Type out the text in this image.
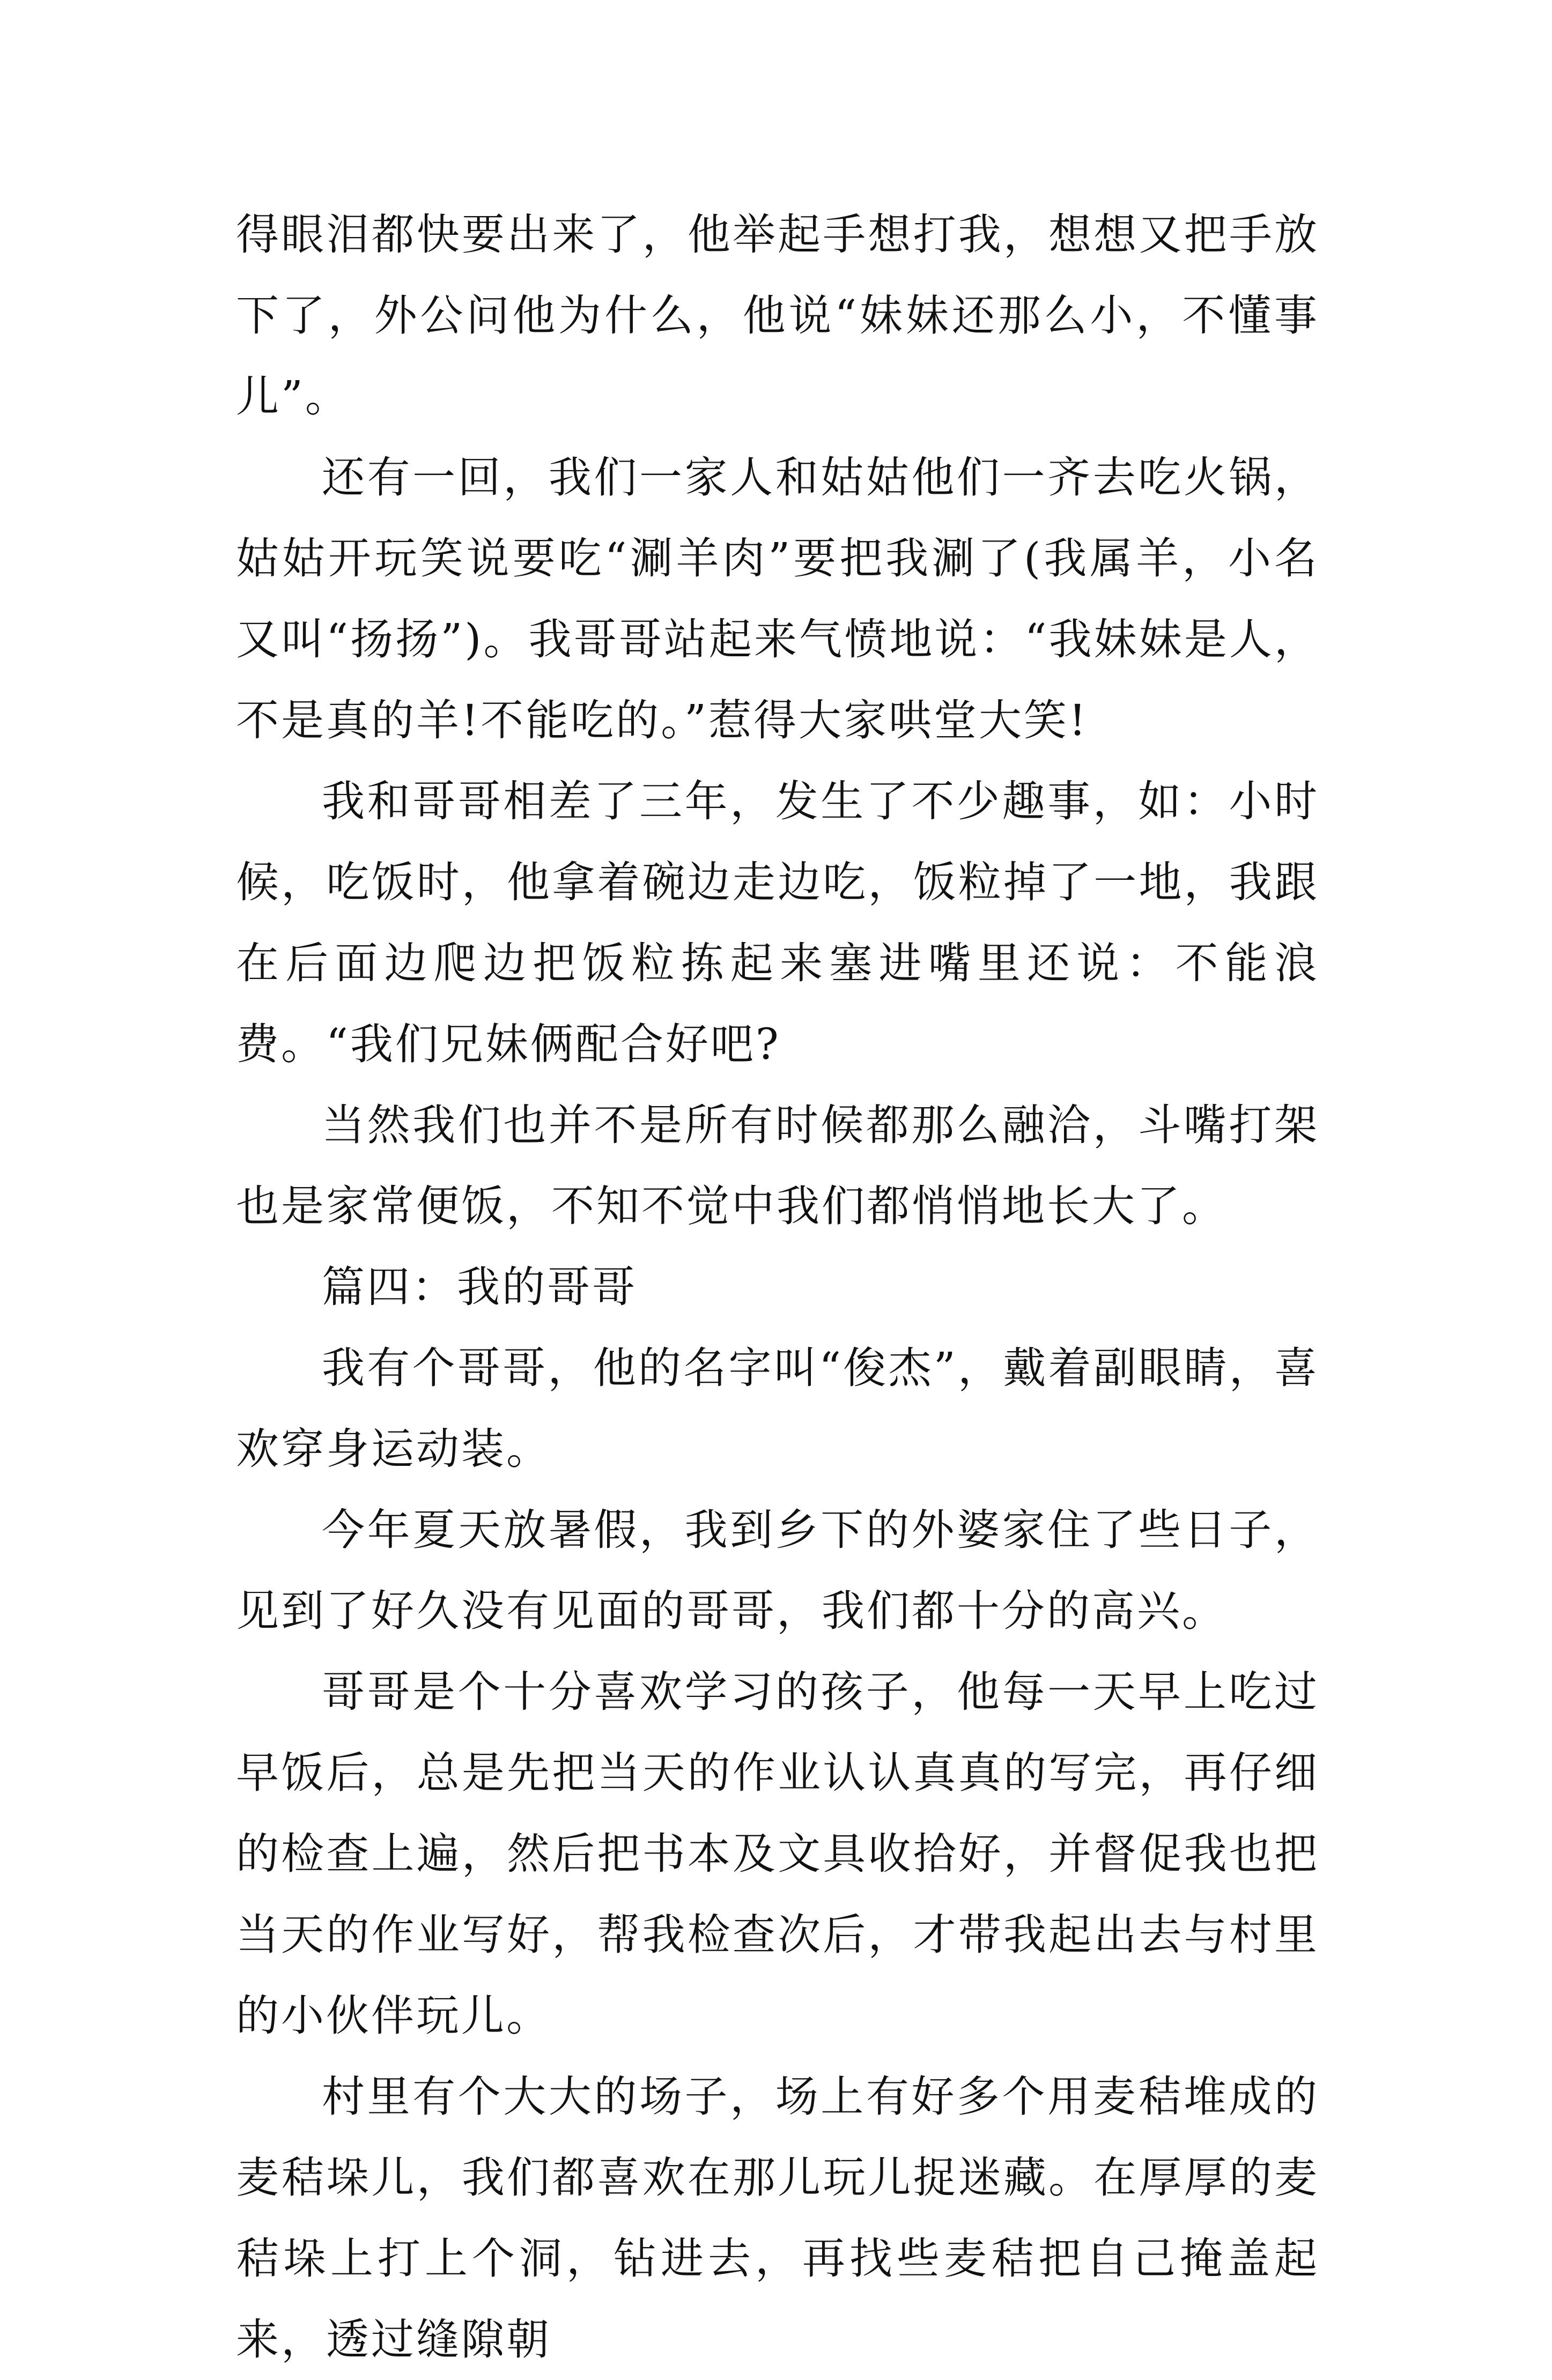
得眼泪都快要出来了，他举起手想打我，想想又把手放下了，外公问他为什么，他说“妹妹还那么小，不懂事儿”。

还有一回，我们一家人和姑姑他们一齐去吃火锅，姑姑开玩笑说要吃“涮羊肉”要把我涮了(我属羊，小名又叫“扬扬”)。我哥哥站起来气愤地说：“我妹妹是人，不是真的羊!不能吃的。”惹得大家哄堂大笑!

我和哥哥相差了三年，发生了不少趣事，如：小时候，吃饭时，他拿着碗边走边吃，饭粒掉了一地，我跟在后面边爬边把饭粒拣起来塞进嘴里还说：不能浪费。“我们兄妹俩配合好吧?

当然我们也并不是所有时候都那么融洽，斗嘴打架也是家常便饭，不知不觉中我们都悄悄地长大了。

篇四：我的哥哥

我有个哥哥，他的名字叫“俊杰”，戴着副眼睛，喜欢穿身运动装。

今年夏天放暑假，我到乡下的外婆家住了些日子，见到了好久没有见面的哥哥，我们都十分的高兴。

哥哥是个十分喜欢学习的孩子，他每一天早上吃过早饭后，总是先把当天的作业认认真真的写完，再仔细的检查上遍，然后把书本及文具收拾好，并督促我也把当天的作业写好，帮我检查次后，才带我起出去与村里的小伙伴玩儿。

村里有个大大的场子，场上有好多个用麦秸堆成的麦秸垛儿，我们都喜欢在那儿玩儿捉迷藏。在厚厚的麦秸垛上打上个洞，钻进去，再找些麦秸把自己掩盖起来，透过缝隙朝
